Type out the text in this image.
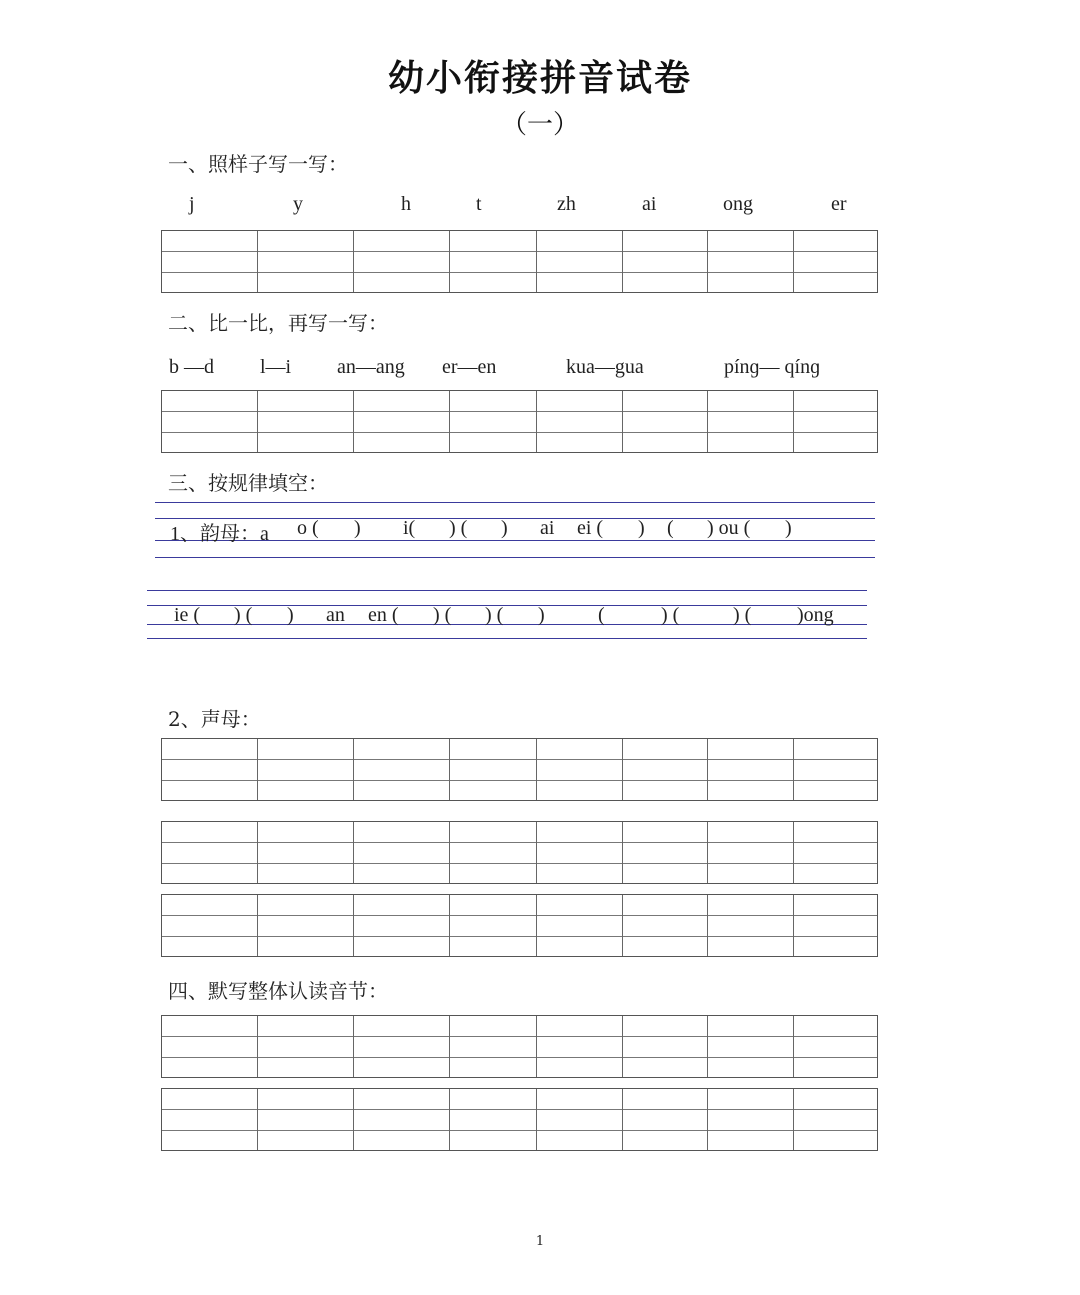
幼小衔接拼音试卷
（一）
一、照样子写一写：
j	y	h	t	zh	ai	ong	er
二、比一比，再写一写：
b —d l—i an—ang er—en	kua—gua	pínɡ— qínɡ
三、按规律填空：
1、韵母：a o ( ) i( ) ( ) ai ei ( ) ( ) ou ( )
ie ( ) ( ) an en ( ) ( ) ( )	(	) (	) ( )ong
2、声母：
四、默写整体认读音节：
1
